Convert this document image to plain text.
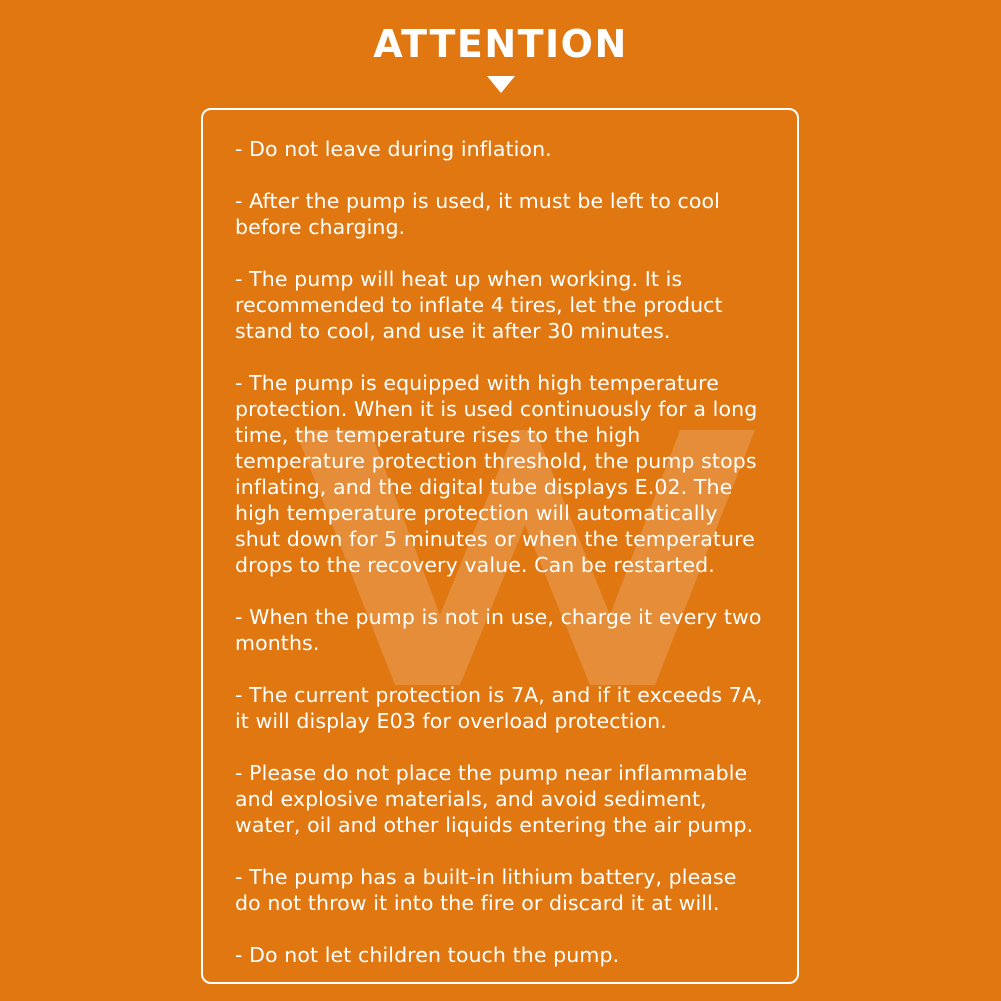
ATTENTION

- Do not leave during inflation.

- After the pump is used, it must be left to cool before charging.

- The pump will heat up when working. It is recommended to inflate 4 tires, let the product stand to cool, and use it after 30 minutes.

- The pump is equipped with high temperature protection. When it is used continuously for a long time, the temperature rises to the high temperature protection threshold, the pump stops inflating, and the digital tube displays E.02. The high temperature protection will automatically shut down for 5 minutes or when the temperature drops to the recovery value. Can be restarted.

- When the pump is not in use, charge it every two months.

- The current protection is 7A, and if it exceeds 7A, it will display E03 for overload protection.

- Please do not place the pump near inflammable and explosive materials, and avoid sediment, water, oil and other liquids entering the air pump.

- The pump has a built-in lithium battery, please do not throw it into the fire or discard it at will.

- Do not let children touch the pump.
